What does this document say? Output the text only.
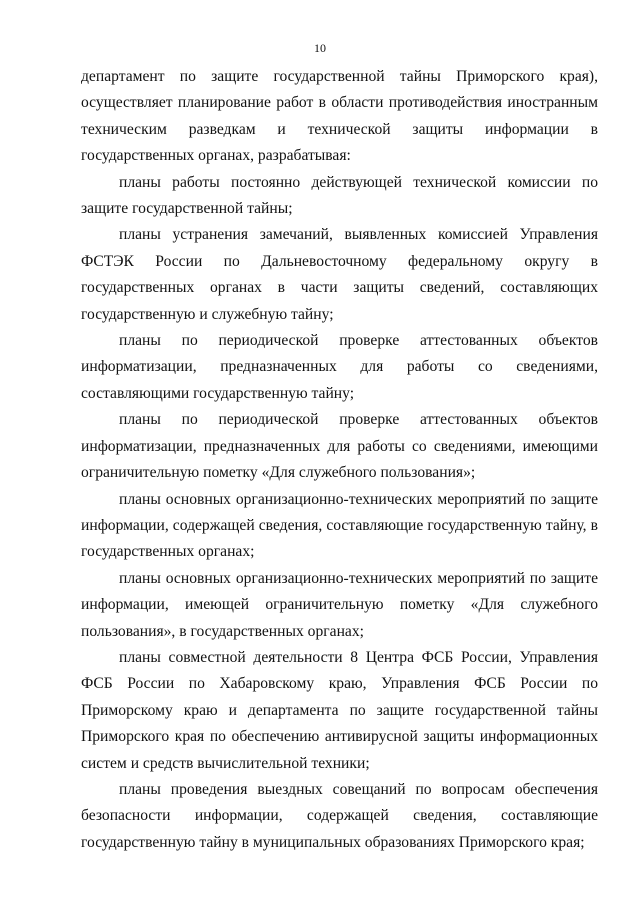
10

департамент по защите государственной тайны Приморского края), осуществляет планирование работ в области противодействия иностранным техническим разведкам и технической защиты информации в государственных органах, разрабатывая:

планы работы постоянно действующей технической комиссии по защите государственной тайны;

планы устранения замечаний, выявленных комиссией Управления ФСТЭК России по Дальневосточному федеральному округу в государственных органах в части защиты сведений, составляющих государственную и служебную тайну;

планы по периодической проверке аттестованных объектов информатизации, предназначенных для работы со сведениями, составляющими государственную тайну;

планы по периодической проверке аттестованных объектов информатизации, предназначенных для работы со сведениями, имеющими ограничительную пометку «Для служебного пользования»;

планы основных организационно-технических мероприятий по защите информации, содержащей сведения, составляющие государственную тайну, в государственных органах;

планы основных организационно-технических мероприятий по защите информации, имеющей ограничительную пометку «Для служебного пользования», в государственных органах;

планы совместной деятельности 8 Центра ФСБ России, Управления ФСБ России по Хабаровскому краю, Управления ФСБ России по Приморскому краю и департамента по защите государственной тайны Приморского края по обеспечению антивирусной защиты информационных систем и средств вычислительной техники;

планы проведения выездных совещаний по вопросам обеспечения безопасности информации, содержащей сведения, составляющие государственную тайну в муниципальных образованиях Приморского края;
